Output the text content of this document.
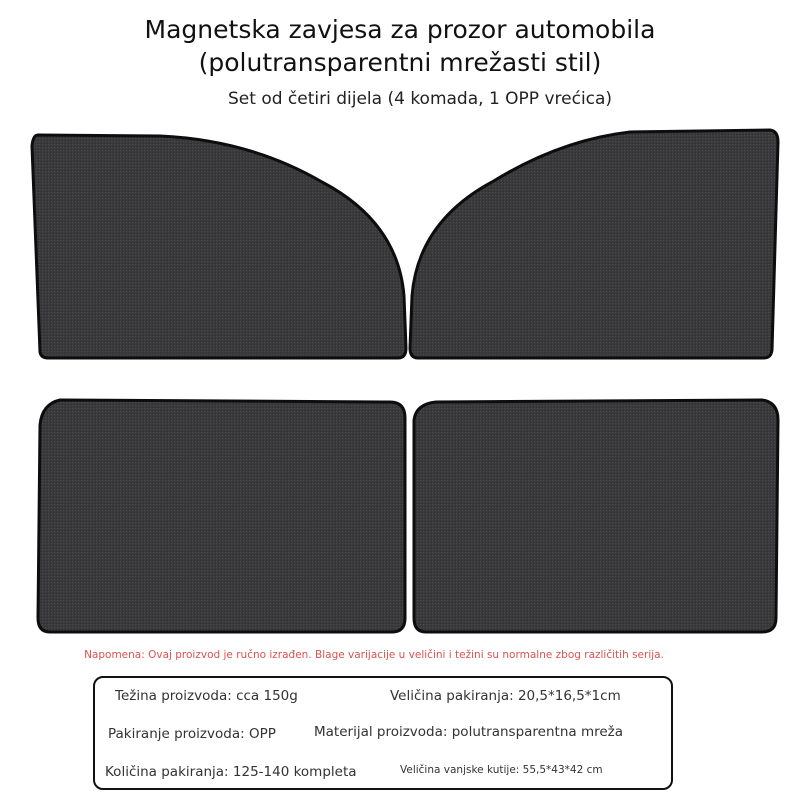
Magnetska zavjesa za prozor automobila
(polutransparentni mrežasti stil)
Set od četiri dijela (4 komada, 1 OPP vrećica)
Napomena: Ovaj proizvod je ručno izrađen. Blage varijacije u veličini i težini su normalne zbog različitih serija.
Težina proizvoda: cca 150g	Veličina pakiranja: 20,5*16,5*1cm
Pakiranje proizvoda: OPP	Materijal proizvoda: polutransparentna mreža
Količina pakiranja: 125-140 kompleta	Veličina vanjske kutije: 55,5*43*42 cm
